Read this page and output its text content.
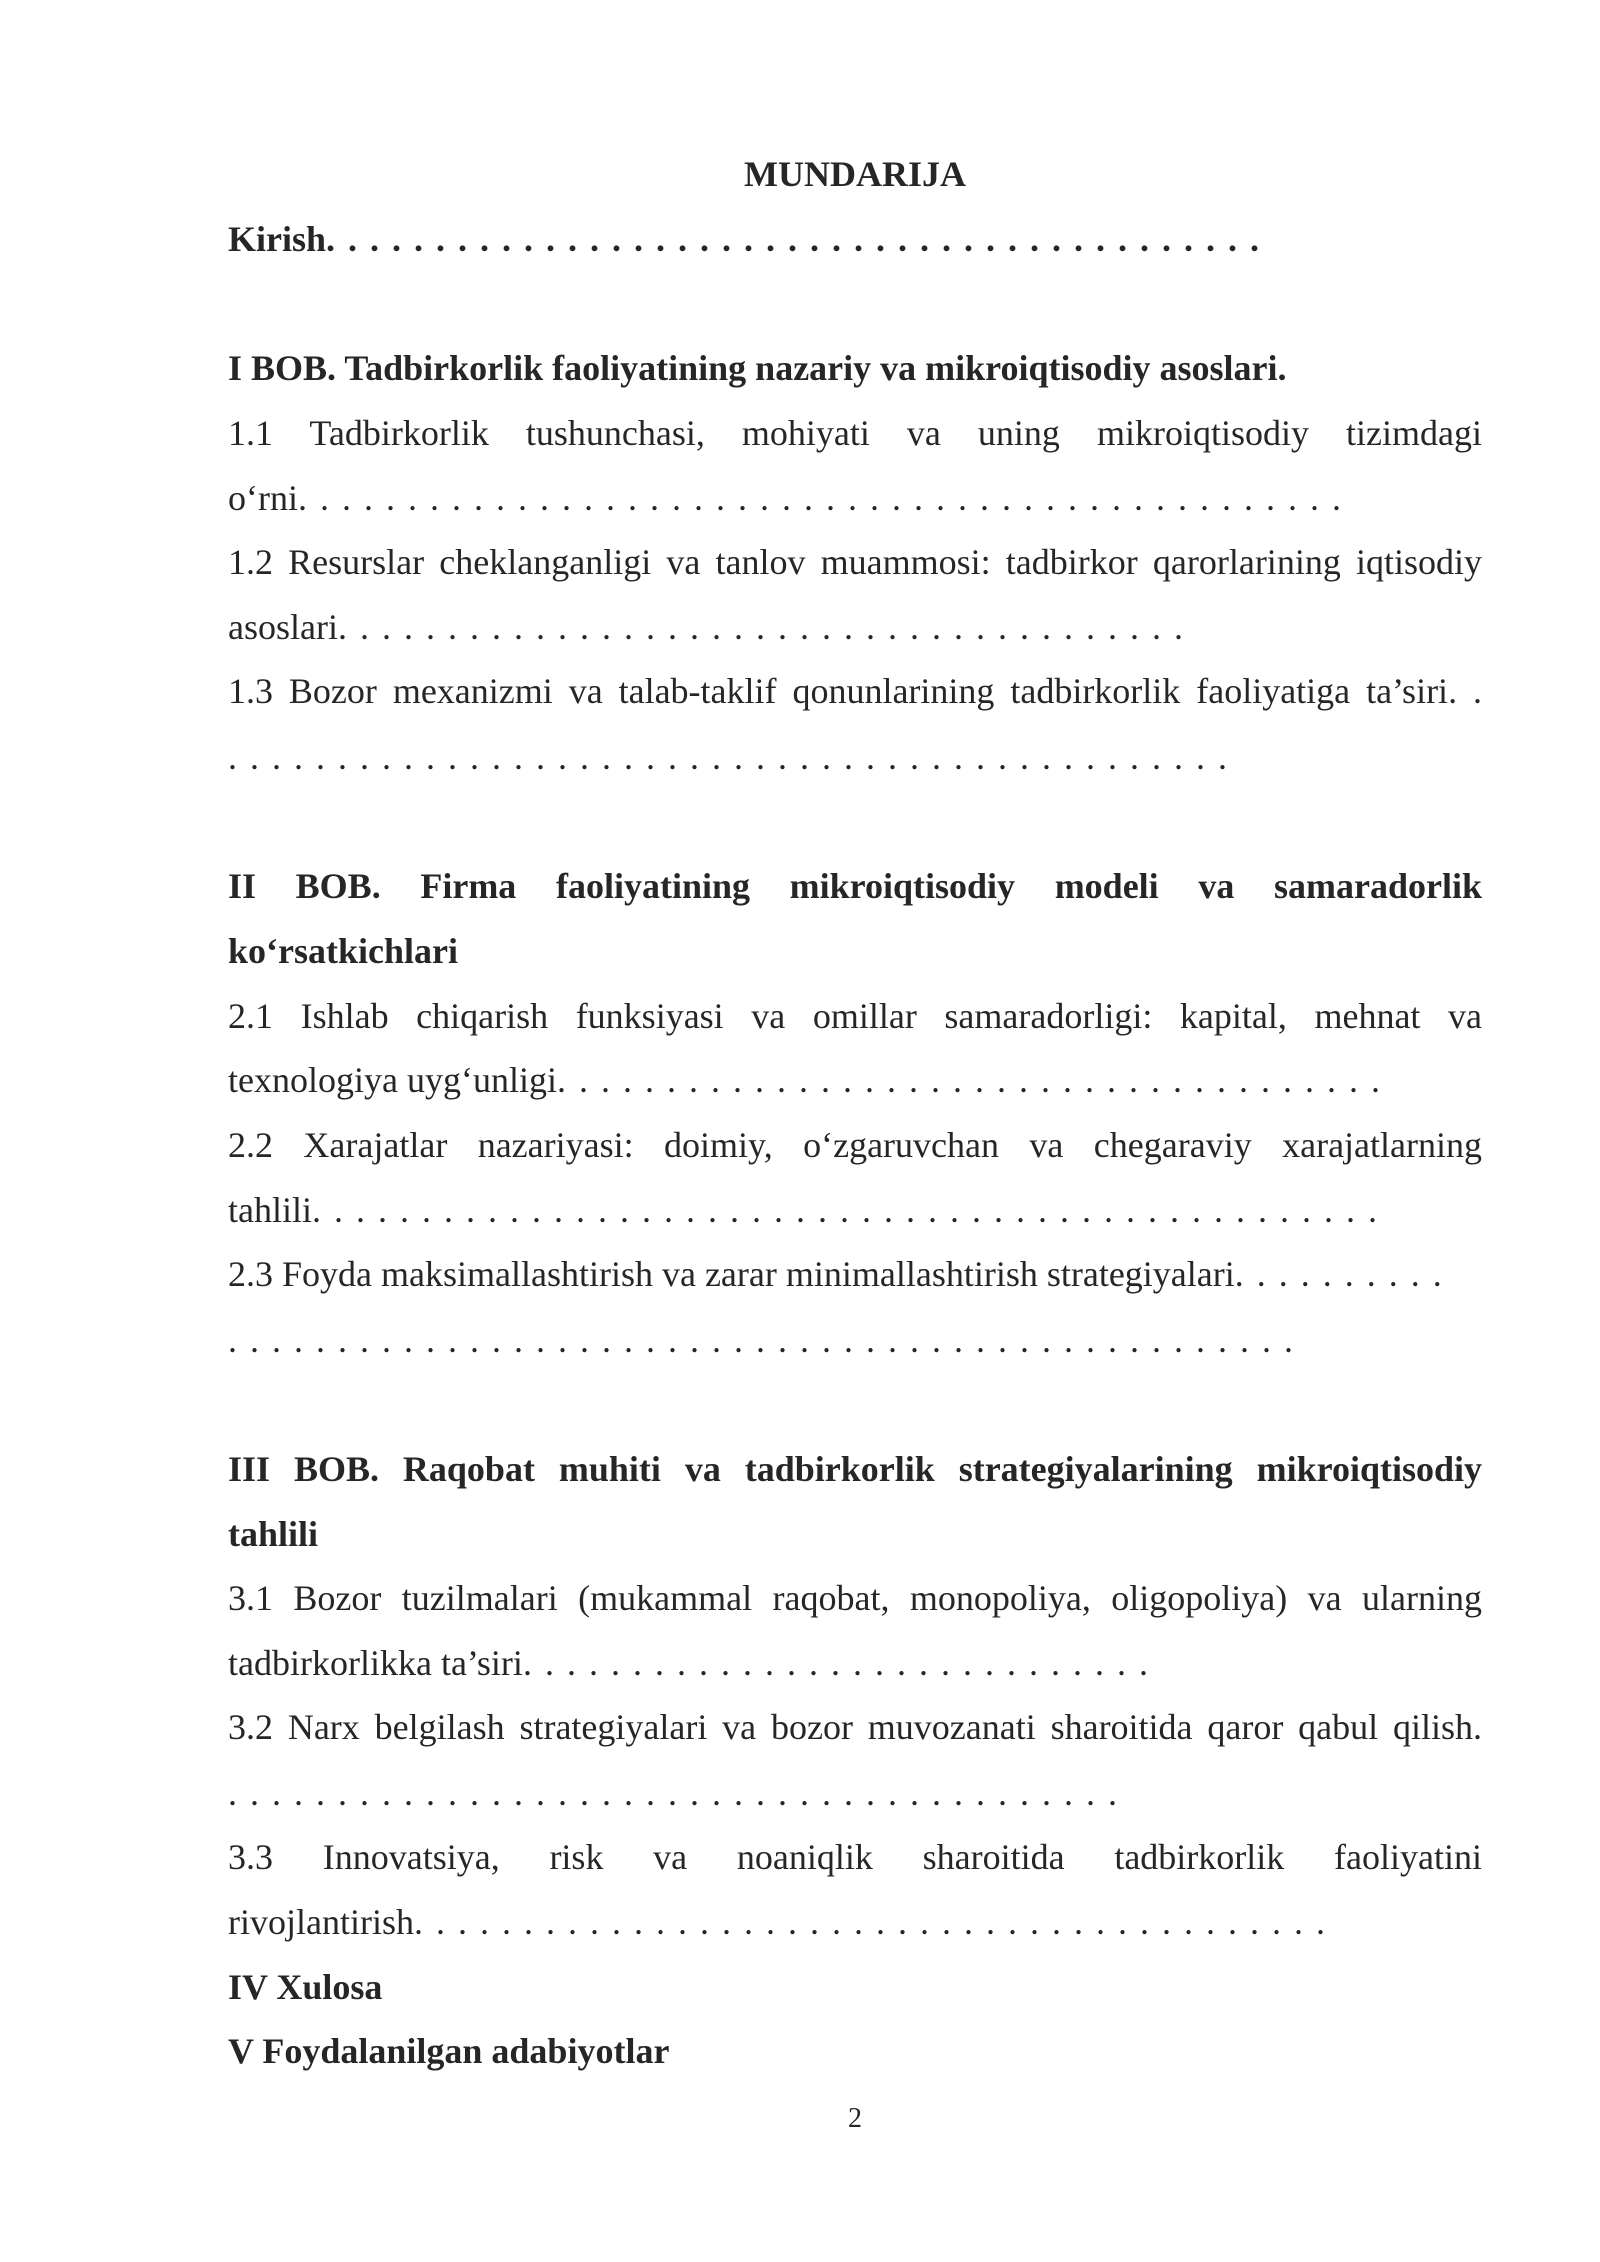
MUNDARIJA
Kirish. . . . . . . . . . . . . . . . . . . . . . . . . . . . . . . . . . . . . . . . . . .
I BOB. Tadbirkorlik faoliyatining nazariy va mikroiqtisodiy asoslari.
1.1 Tadbirkorlik tushunchasi, mohiyati va uning mikroiqtisodiy tizimdagi
o‘rni. . . . . . . . . . . . . . . . . . . . . . . . . . . . . . . . . . . . . . . . . . . . . . . .
1.2 Resurslar cheklanganligi va tanlov muammosi: tadbirkor qarorlarining iqtisodiy
asoslari. . . . . . . . . . . . . . . . . . . . . . . . . . . . . . . . . . . . . . .
1.3 Bozor mexanizmi va talab-taklif qonunlarining tadbirkorlik faoliyatiga ta’siri. .
. . . . . . . . . . . . . . . . . . . . . . . . . . . . . . . . . . . . . . . . . . . . . .
II BOB. Firma faoliyatining mikroiqtisodiy modeli va samaradorlik
ko‘rsatkichlari
2.1 Ishlab chiqarish funksiyasi va omillar samaradorligi: kapital, mehnat va
texnologiya uyg‘unligi. . . . . . . . . . . . . . . . . . . . . . . . . . . . . . . . . . . . . .
2.2 Xarajatlar nazariyasi: doimiy, o‘zgaruvchan va chegaraviy xarajatlarning
tahlili. . . . . . . . . . . . . . . . . . . . . . . . . . . . . . . . . . . . . . . . . . . . . . . . .
2.3 Foyda maksimallashtirish va zarar minimallashtirish strategiyalari. . . . . . . . . .
. . . . . . . . . . . . . . . . . . . . . . . . . . . . . . . . . . . . . . . . . . . . . . . . .
III BOB. Raqobat muhiti va tadbirkorlik strategiyalarining mikroiqtisodiy
tahlili
3.1 Bozor tuzilmalari (mukammal raqobat, monopoliya, oligopoliya) va ularning
tadbirkorlikka ta’siri. . . . . . . . . . . . . . . . . . . . . . . . . . . . .
3.2 Narx belgilash strategiyalari va bozor muvozanati sharoitida qaror qabul qilish.
. . . . . . . . . . . . . . . . . . . . . . . . . . . . . . . . . . . . . . . . .
3.3 Innovatsiya, risk va noaniqlik sharoitida tadbirkorlik faoliyatini
rivojlantirish. . . . . . . . . . . . . . . . . . . . . . . . . . . . . . . . . . . . . . . . . .
IV Xulosa
V Foydalanilgan adabiyotlar
2
